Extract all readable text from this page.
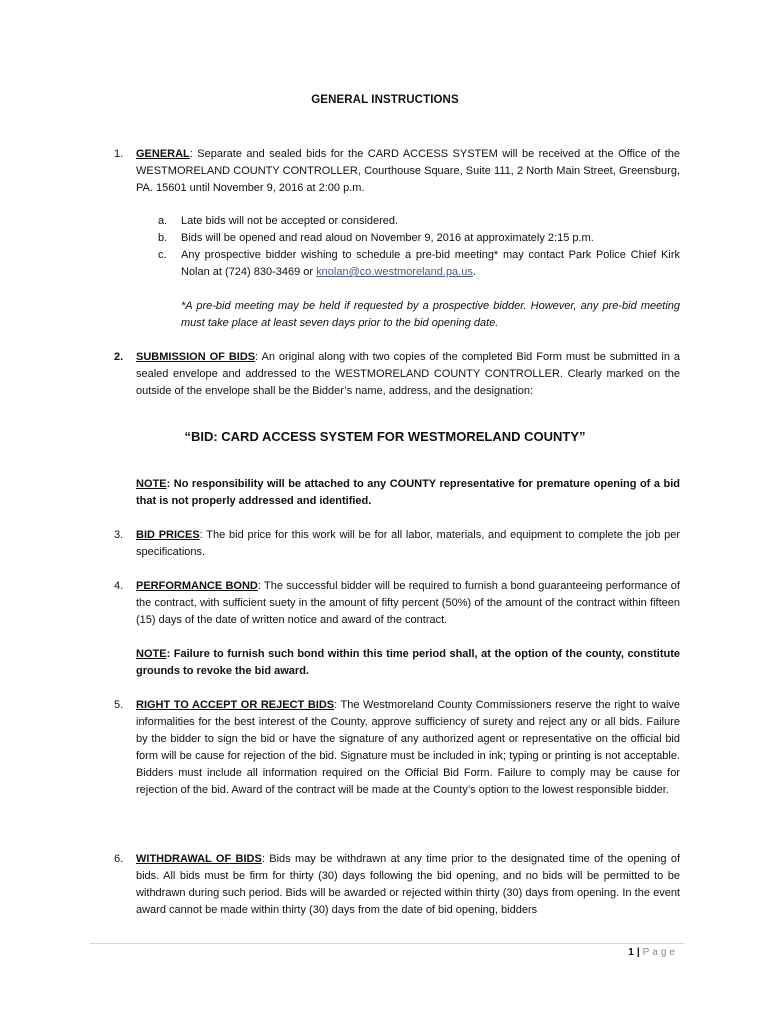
GENERAL INSTRUCTIONS
1. GENERAL: Separate and sealed bids for the CARD ACCESS SYSTEM will be received at the Office of the WESTMORELAND COUNTY CONTROLLER, Courthouse Square, Suite 111, 2 North Main Street, Greensburg, PA. 15601 until November 9, 2016 at 2:00 p.m.
a. Late bids will not be accepted or considered.
b. Bids will be opened and read aloud on November 9, 2016 at approximately 2:15 p.m.
c. Any prospective bidder wishing to schedule a pre-bid meeting* may contact Park Police Chief Kirk Nolan at (724) 830-3469 or knolan@co.westmoreland.pa.us.
*A pre-bid meeting may be held if requested by a prospective bidder. However, any pre-bid meeting must take place at least seven days prior to the bid opening date.
2. SUBMISSION OF BIDS: An original along with two copies of the completed Bid Form must be submitted in a sealed envelope and addressed to the WESTMORELAND COUNTY CONTROLLER. Clearly marked on the outside of the envelope shall be the Bidder’s name, address, and the designation:
“BID: CARD ACCESS SYSTEM FOR WESTMORELAND COUNTY”
NOTE: No responsibility will be attached to any COUNTY representative for premature opening of a bid that is not properly addressed and identified.
3. BID PRICES: The bid price for this work will be for all labor, materials, and equipment to complete the job per specifications.
4. PERFORMANCE BOND: The successful bidder will be required to furnish a bond guaranteeing performance of the contract, with sufficient suety in the amount of fifty percent (50%) of the amount of the contract within fifteen (15) days of the date of written notice and award of the contract.
NOTE: Failure to furnish such bond within this time period shall, at the option of the county, constitute grounds to revoke the bid award.
5. RIGHT TO ACCEPT OR REJECT BIDS: The Westmoreland County Commissioners reserve the right to waive informalities for the best interest of the County, approve sufficiency of surety and reject any or all bids. Failure by the bidder to sign the bid or have the signature of any authorized agent or representative on the official bid form will be cause for rejection of the bid. Signature must be included in ink; typing or printing is not acceptable. Bidders must include all information required on the Official Bid Form. Failure to comply may be cause for rejection of the bid. Award of the contract will be made at the County’s option to the lowest responsible bidder.
6. WITHDRAWAL OF BIDS: Bids may be withdrawn at any time prior to the designated time of the opening of bids. All bids must be firm for thirty (30) days following the bid opening, and no bids will be permitted to be withdrawn during such period. Bids will be awarded or rejected within thirty (30) days from opening. In the event award cannot be made within thirty (30) days from the date of bid opening, bidders
1 | Page
